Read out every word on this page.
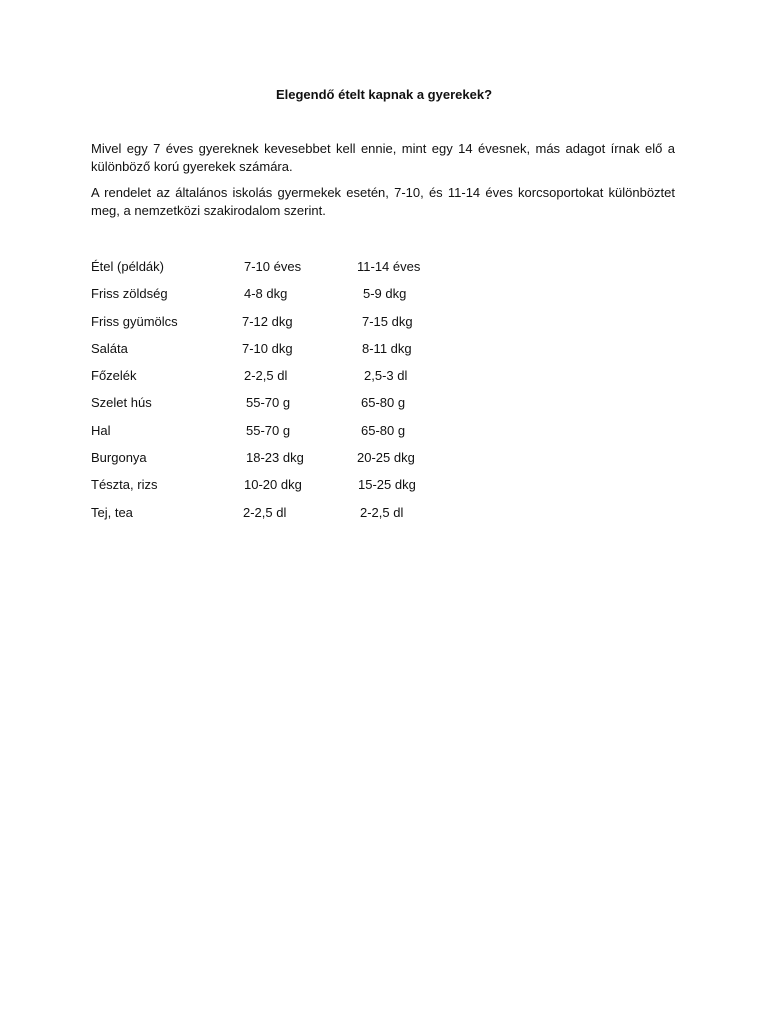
Elegendő ételt kapnak a gyerekek?
Mivel egy 7 éves gyereknek kevesebbet kell ennie, mint egy 14 évesnek, más adagot írnak elő a különböző korú gyerekek számára.
A rendelet az általános iskolás gyermekek esetén, 7-10, és 11-14 éves korcsoportokat különböztet meg, a nemzetközi szakirodalom szerint.
Étel (példák)	7-10 éves	11-14 éves
Friss zöldség	4-8 dkg	5-9 dkg
Friss gyümölcs	7-12 dkg	7-15 dkg
Saláta	7-10 dkg	8-11 dkg
Főzelék	2-2,5 dl	2,5-3 dl
Szelet hús	55-70 g	65-80 g
Hal	55-70 g	65-80 g
Burgonya	18-23 dkg	20-25 dkg
Tészta, rizs	10-20 dkg	15-25 dkg
Tej, tea	2-2,5 dl	2-2,5 dl
